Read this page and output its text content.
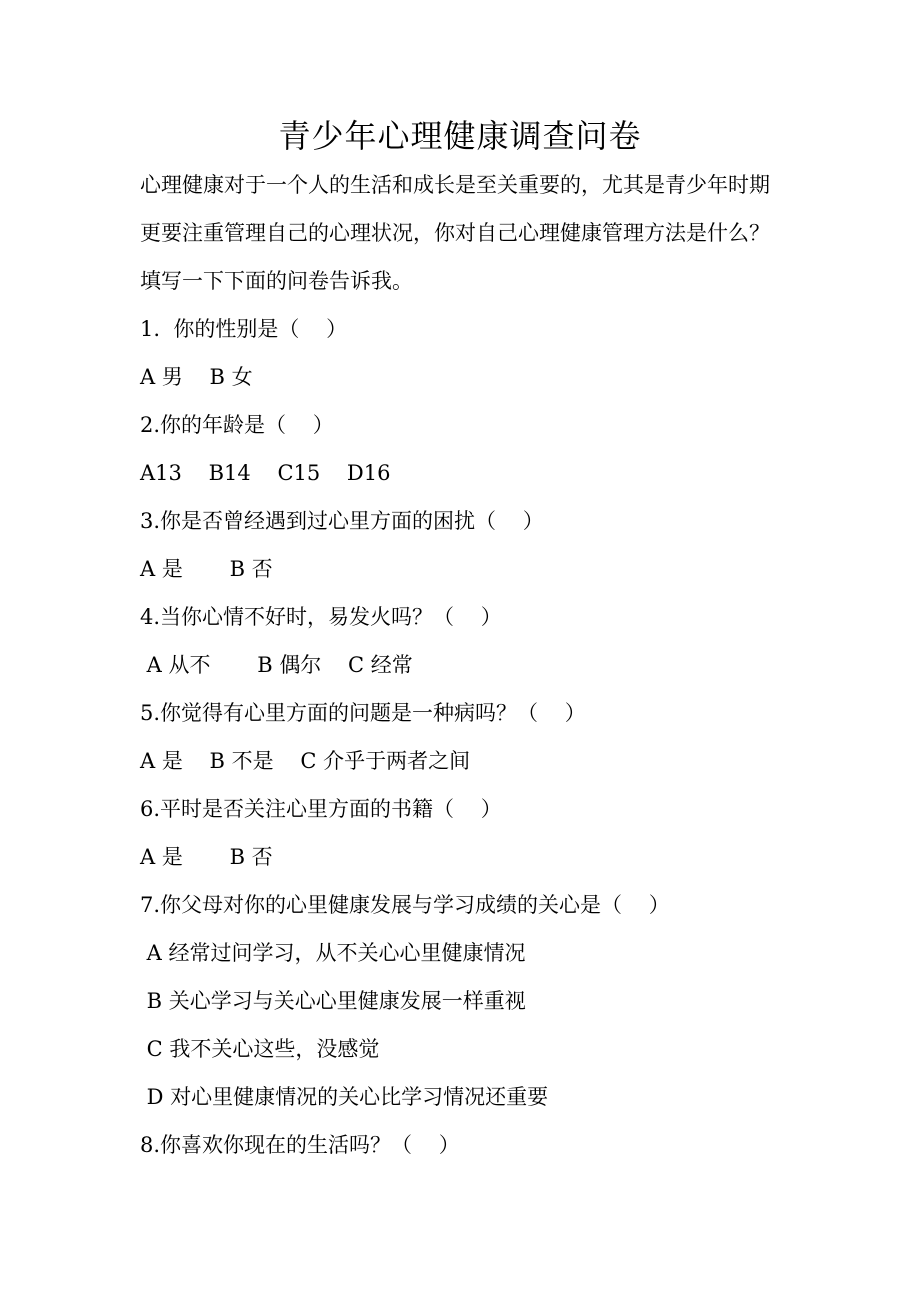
青少年心理健康调查问卷
心理健康对于一个人的生活和成长是至关重要的，尤其是青少年时期
更要注重管理自己的心理状况，你对自己心理健康管理方法是什么？
填写一下下面的问卷告诉我。
1.  你的性别是（    ）
A 男    B 女
2.你的年龄是（    ）
A13    B14    C15    D16
3.你是否曾经遇到过心里方面的困扰（    ）
A 是       B 否
4.当你心情不好时，易发火吗？（    ）
A 从不       B 偶尔    C 经常
5.你觉得有心里方面的问题是一种病吗？（    ）
A 是    B 不是    C 介乎于两者之间
6.平时是否关注心里方面的书籍（    ）
A 是       B 否
7.你父母对你的心里健康发展与学习成绩的关心是（    ）
A 经常过问学习，从不关心心里健康情况
B 关心学习与关心心里健康发展一样重视
C 我不关心这些，没感觉
D 对心里健康情况的关心比学习情况还重要
8.你喜欢你现在的生活吗？（    ）
